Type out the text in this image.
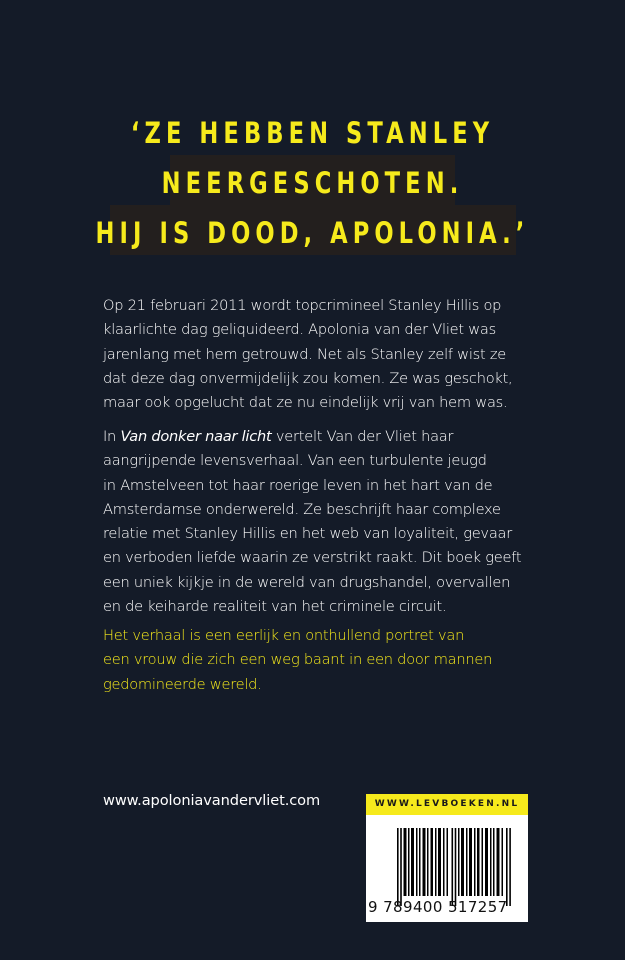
‘ZE HEBBEN STANLEY
NEERGESCHOTEN.
HIJ IS DOOD, APOLONIA.’
Op 21 februari 2011 wordt topcrimineel Stanley Hillis op
klaarlichte dag geliquideerd. Apolonia van der Vliet was
jarenlang met hem getrouwd. Net als Stanley zelf wist ze
dat deze dag onvermijdelijk zou komen. Ze was geschokt,
maar ook opgelucht dat ze nu eindelijk vrij van hem was.
In Van donker naar licht vertelt Van der Vliet haar
aangrijpende levensverhaal. Van een turbulente jeugd
in Amstelveen tot haar roerige leven in het hart van de
Amsterdamse onderwereld. Ze beschrijft haar complexe
relatie met Stanley Hillis en het web van loyaliteit, gevaar
en verboden liefde waarin ze verstrikt raakt. Dit boek geeft
een uniek kijkje in de wereld van drugshandel, overvallen
en de keiharde realiteit van het criminele circuit.
Het verhaal is een eerlijk en onthullend portret van
een vrouw die zich een weg baant in een door mannen
gedomineerde wereld.
www.apoloniavandervliet.com	WWW.LEVBOEKEN.NL
9 789400 517257
